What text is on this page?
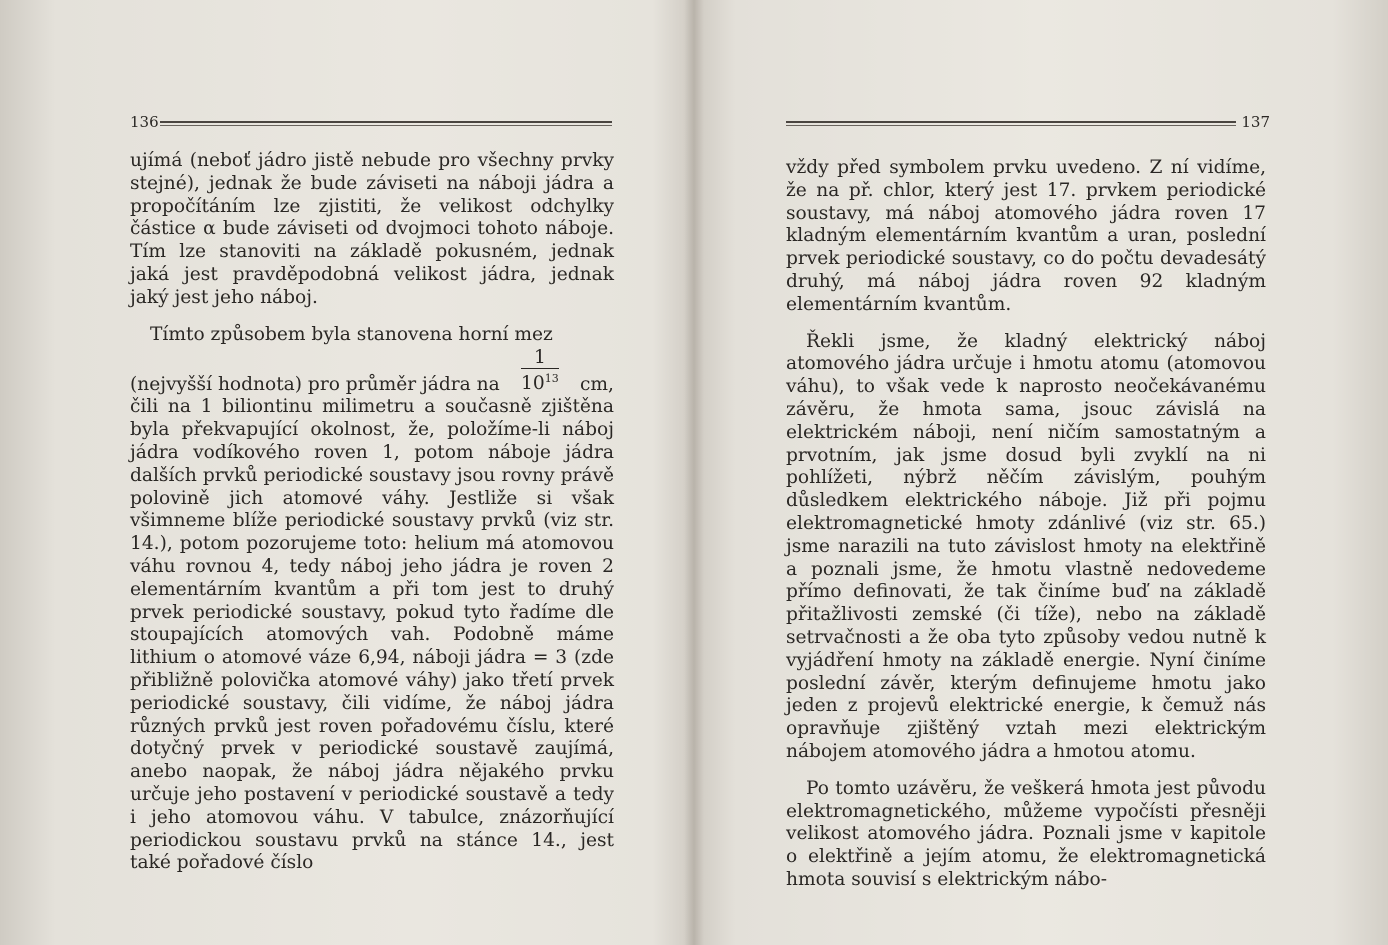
136

ujímá (neboť jádro jistě nebude pro všechny prvky stejné), jednak že bude záviseti na náboji jádra a propočítáním lze zjistiti, že velikost odchylky částice α bude záviseti od dvojmoci tohoto náboje. Tím lze stanoviti na základě pokusném, jednak jaká jest pravděpodobná velikost jádra, jednak jaký jest jeho náboj.

Tímto způsobem byla stanovena horní mez

(nejvyšší hodnota) pro průměr jádra na $\frac{1}{10^{13}}$ cm,

čili na 1 biliontinu milimetru a současně zjištěna byla překvapující okolnost, že, položíme-li náboj jádra vodíkového roven 1, potom náboje jádra dalších prvků periodické soustavy jsou rovny právě polovině jich atomové váhy. Jestliže si však všimneme blíže periodické soustavy prvků (viz str. 14.), potom pozorujeme toto: helium má atomovou váhu rovnou 4, tedy náboj jeho jádra je roven 2 elementárním kvantům a při tom jest to druhý prvek periodické soustavy, pokud tyto řadíme dle stoupajících atomových vah. Podobně máme lithium o atomové váze 6,94, náboji jádra = 3 (zde přibližně polovička atomové váhy) jako třetí prvek periodické soustavy, čili vidíme, že náboj jádra různých prvků jest roven pořadovému číslu, které dotyčný prvek v periodické soustavě zaujímá, anebo naopak, že náboj jádra nějakého prvku určuje jeho postavení v periodické soustavě a tedy i jeho atomovou váhu. V tabulce, znázorňující periodickou soustavu prvků na stánce 14., jest také pořadové číslo

137

vždy před symbolem prvku uvedeno. Z ní vidíme, že na př. chlor, který jest 17. prvkem periodické soustavy, má náboj atomového jádra roven 17 kladným elementárním kvantům a uran, poslední prvek periodické soustavy, co do počtu devadesátý druhý, má náboj jádra roven 92 kladným elementárním kvantům.

Řekli jsme, že kladný elektrický náboj atomového jádra určuje i hmotu atomu (atomovou váhu), to však vede k naprosto neočekávanému závěru, že hmota sama, jsouc závislá na elektrickém náboji, není ničím samostatným a prvotním, jak jsme dosud byli zvyklí na ni pohlížeti, nýbrž něčím závislým, pouhým důsledkem elektrického náboje. Již při pojmu elektromagnetické hmoty zdánlivé (viz str. 65.) jsme narazili na tuto závislost hmoty na elektřině a poznali jsme, že hmotu vlastně nedovedeme přímo definovati, že tak činíme buď na základě přitažlivosti zemské (či tíže), nebo na základě setrvačnosti a že oba tyto způsoby vedou nutně k vyjádření hmoty na základě energie. Nyní činíme poslední závěr, kterým definujeme hmotu jako jeden z projevů elektrické energie, k čemuž nás opravňuje zjištěný vztah mezi elektrickým nábojem atomového jádra a hmotou atomu.

Po tomto uzávěru, že veškerá hmota jest původu elektromagnetického, můžeme vypočísti přesněji velikost atomového jádra. Poznali jsme v kapitole o elektřině a jejím atomu, že elektromagnetická hmota souvisí s elektrickým nábo-
